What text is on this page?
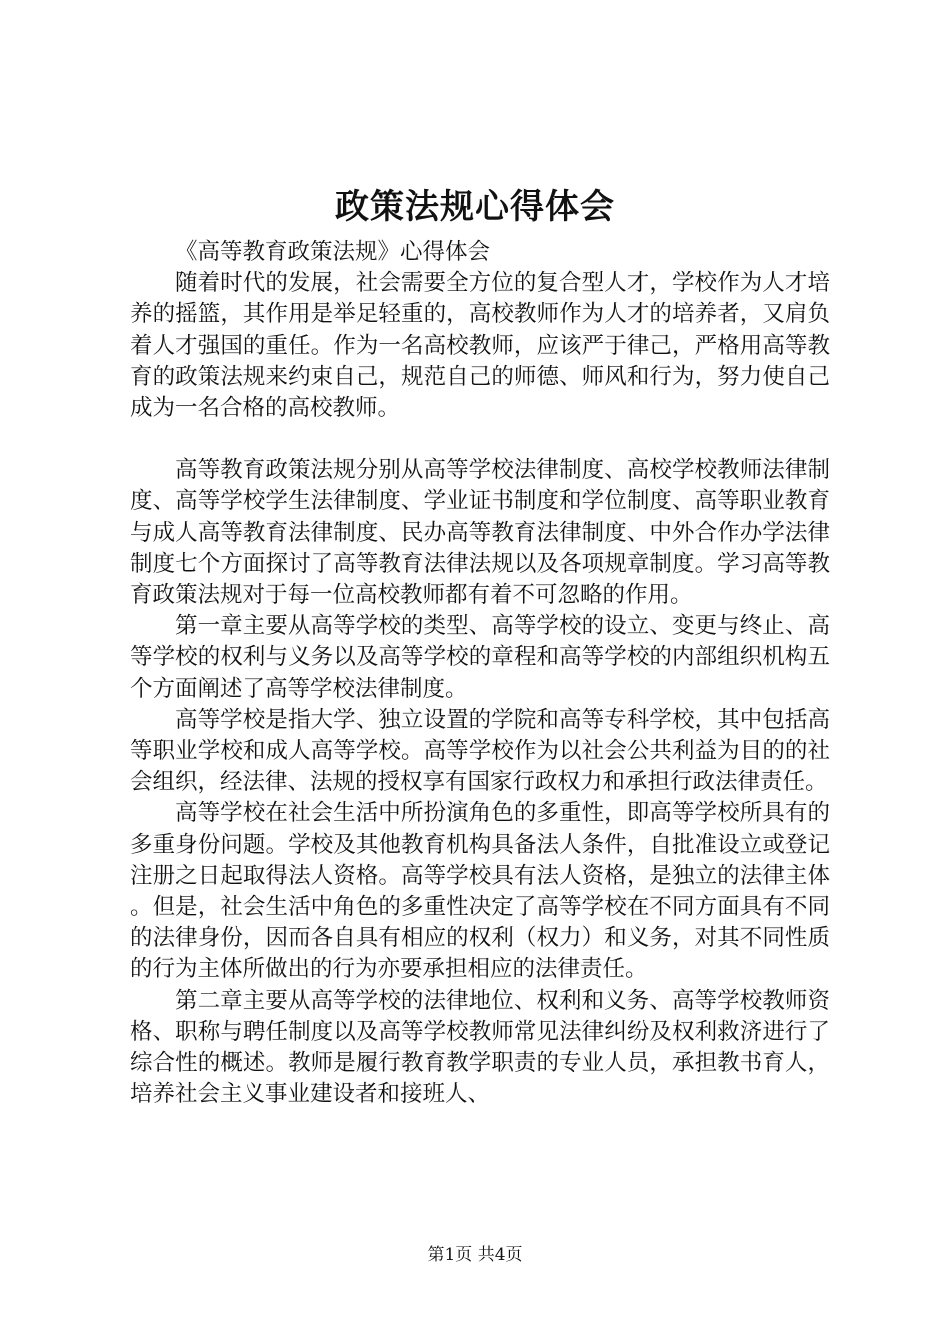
政策法规心得体会

《高等教育政策法规》心得体会

随着时代的发展，社会需要全方位的复合型人才，学校作为人才培养的摇篮，其作用是举足轻重的，高校教师作为人才的培养者，又肩负着人才强国的重任。作为一名高校教师，应该严于律己，严格用高等教育的政策法规来约束自己，规范自己的师德、师风和行为，努力使自己成为一名合格的高校教师。

高等教育政策法规分别从高等学校法律制度、高校学校教师法律制度、高等学校学生法律制度、学业证书制度和学位制度、高等职业教育与成人高等教育法律制度、民办高等教育法律制度、中外合作办学法律制度七个方面探讨了高等教育法律法规以及各项规章制度。学习高等教育政策法规对于每一位高校教师都有着不可忽略的作用。

第一章主要从高等学校的类型、高等学校的设立、变更与终止、高等学校的权利与义务以及高等学校的章程和高等学校的内部组织机构五个方面阐述了高等学校法律制度。

高等学校是指大学、独立设置的学院和高等专科学校，其中包括高等职业学校和成人高等学校。高等学校作为以社会公共利益为目的的社会组织，经法律、法规的授权享有国家行政权力和承担行政法律责任。

高等学校在社会生活中所扮演角色的多重性，即高等学校所具有的多重身份问题。学校及其他教育机构具备法人条件，自批准设立或登记注册之日起取得法人资格。高等学校具有法人资格，是独立的法律主体。但是，社会生活中角色的多重性决定了高等学校在不同方面具有不同的法律身份，因而各自具有相应的权利（权力）和义务，对其不同性质的行为主体所做出的行为亦要承担相应的法律责任。

第二章主要从高等学校的法律地位、权利和义务、高等学校教师资格、职称与聘任制度以及高等学校教师常见法律纠纷及权利救济进行了综合性的概述。教师是履行教育教学职责的专业人员，承担教书育人，培养社会主义事业建设者和接班人、

第1页 共4页
